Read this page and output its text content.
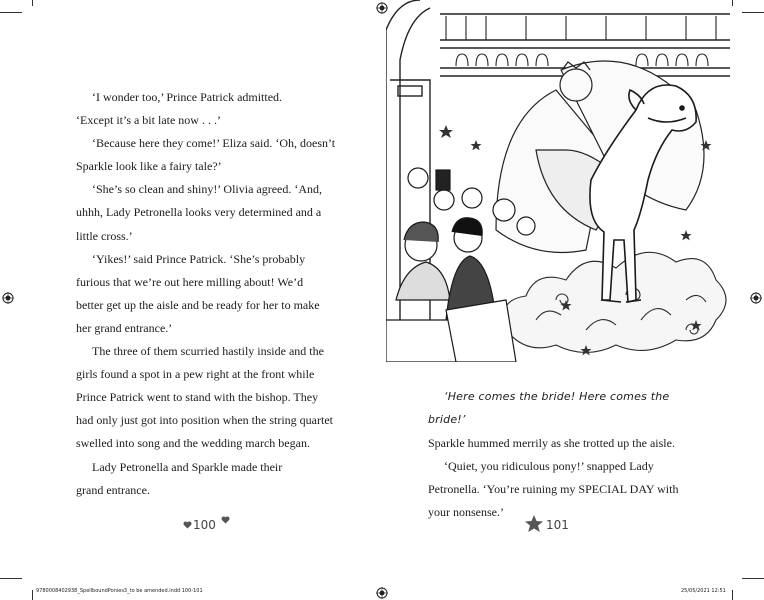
‘I wonder too,’ Prince Patrick admitted.

‘Except it’s a bit late now . . .’

‘Because here they come!’ Eliza said. ‘Oh, doesn’t

Sparkle look like a fairy tale?’

‘She’s so clean and shiny!’ Olivia agreed. ‘And,

uhhh, Lady Petronella looks very determined and a

little cross.’

‘Yikes!’ said Prince Patrick. ‘She’s probably

furious that we’re out here milling about! We’d

better get up the aisle and be ready for her to make

her grand entrance.’

The three of them scurried hastily inside and the

girls found a spot in a pew right at the front while

Prince Patrick went to stand with the bishop. They

had only just got into position when the string quartet

swelled into song and the wedding march began.

Lady Petronella and Sparkle made their

grand entrance.

100

‘Here comes the bride! Here comes the bride!’

Sparkle hummed merrily as she trotted up the aisle.

‘Quiet, you ridiculous pony!’ snapped Lady

Petronella. ‘You’re ruining my SPECIAL DAY with

your nonsense.’

101
9780008402938_SpellboundPonies3_to be amended.indd 100-101	25/05/2021 12:51
